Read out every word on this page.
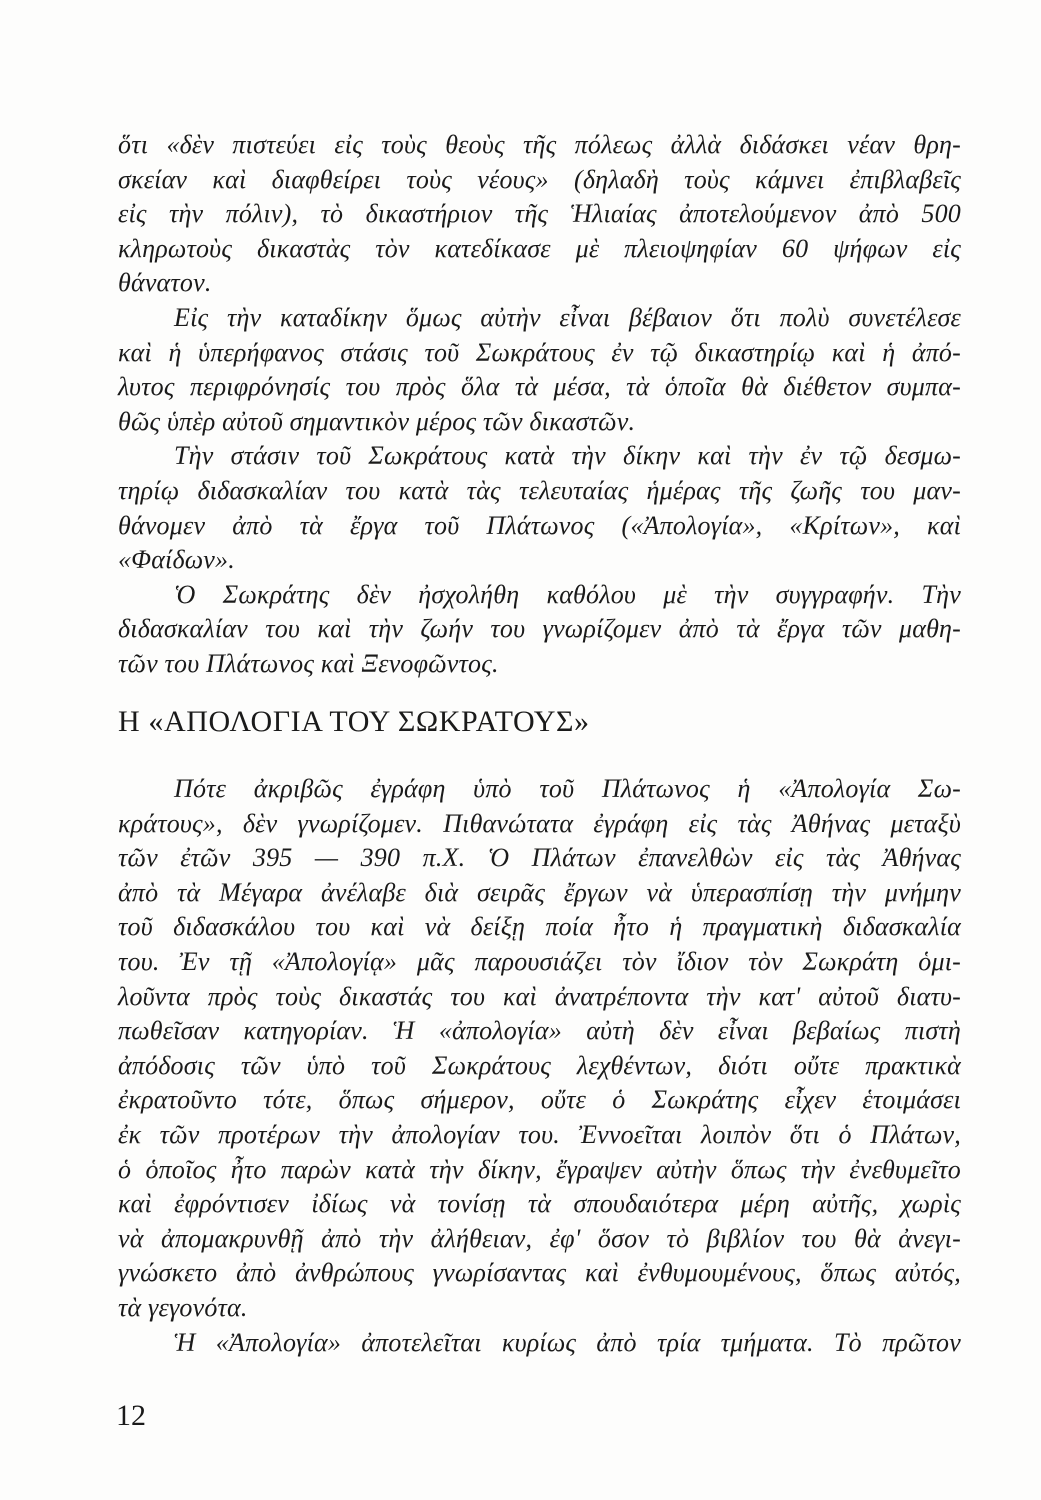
ὅτι «δὲν πιστεύει εἰς τοὺς θεοὺς τῆς πόλεως ἀλλὰ διδάσκει νέαν θρη-
σκείαν καὶ διαφθείρει τοὺς νέους» (δηλαδὴ τοὺς κάμνει ἐπιβλαβεῖς
εἰς τὴν πόλιν), τὸ δικαστήριον τῆς Ἡλιαίας ἀποτελούμενον ἀπὸ 500
κληρωτοὺς δικαστὰς τὸν κατεδίκασε μὲ πλειοψηφίαν 60 ψήφων εἰς
θάνατον.
Εἰς τὴν καταδίκην ὅμως αὐτὴν εἶναι βέβαιον ὅτι πολὺ συνετέλεσε
καὶ ἡ ὑπερήφανος στάσις τοῦ Σωκράτους ἐν τῷ δικαστηρίῳ καὶ ἡ ἀπό-
λυτος περιφρόνησίς του πρὸς ὅλα τὰ μέσα, τὰ ὁποῖα θὰ διέθετον συμπα-
θῶς ὑπὲρ αὐτοῦ σημαντικὸν μέρος τῶν δικαστῶν.
Τὴν στάσιν τοῦ Σωκράτους κατὰ τὴν δίκην καὶ τὴν ἐν τῷ δεσμω-
τηρίῳ διδασκαλίαν του κατὰ τὰς τελευταίας ἡμέρας τῆς ζωῆς του μαν-
θάνομεν ἀπὸ τὰ ἔργα τοῦ Πλάτωνος («Ἀπολογία», «Κρίτων», καὶ
«Φαίδων».
Ὁ Σωκράτης δὲν ἠσχολήθη καθόλου μὲ τὴν συγγραφήν. Τὴν
διδασκαλίαν του καὶ τὴν ζωήν του γνωρίζομεν ἀπὸ τὰ ἔργα τῶν μαθη-
τῶν του Πλάτωνος καὶ Ξενοφῶντος.
Η «ΑΠΟΛΟΓΙΑ ΤΟΥ ΣΩΚΡΑΤΟΥΣ»
Πότε ἀκριβῶς ἐγράφη ὑπὸ τοῦ Πλάτωνος ἡ «Ἀπολογία Σω-
κράτους», δὲν γνωρίζομεν. Πιθανώτατα ἐγράφη εἰς τὰς Ἀθήνας μεταξὺ
τῶν ἐτῶν 395 — 390 π.Χ. Ὁ Πλάτων ἐπανελθὼν εἰς τὰς Ἀθήνας
ἀπὸ τὰ Μέγαρα ἀνέλαβε διὰ σειρᾶς ἔργων νὰ ὑπερασπίσῃ τὴν μνήμην
τοῦ διδασκάλου του καὶ νὰ δείξῃ ποία ἦτο ἡ πραγματικὴ διδασκαλία
του. Ἐν τῇ «Ἀπολογίᾳ» μᾶς παρουσιάζει τὸν ἴδιον τὸν Σωκράτη ὁμι-
λοῦντα πρὸς τοὺς δικαστάς του καὶ ἀνατρέποντα τὴν κατ' αὐτοῦ διατυ-
πωθεῖσαν κατηγορίαν. Ἡ «ἀπολογία» αὐτὴ δὲν εἶναι βεβαίως πιστὴ
ἀπόδοσις τῶν ὑπὸ τοῦ Σωκράτους λεχθέντων, διότι οὔτε πρακτικὰ
ἐκρατοῦντο τότε, ὅπως σήμερον, οὔτε ὁ Σωκράτης εἶχεν ἑτοιμάσει
ἐκ τῶν προτέρων τὴν ἀπολογίαν του. Ἐννοεῖται λοιπὸν ὅτι ὁ Πλάτων,
ὁ ὁποῖος ἦτο παρὼν κατὰ τὴν δίκην, ἔγραψεν αὐτὴν ὅπως τὴν ἐνεθυμεῖτο
καὶ ἐφρόντισεν ἰδίως νὰ τονίσῃ τὰ σπουδαιότερα μέρη αὐτῆς, χωρὶς
νὰ ἀπομακρυνθῇ ἀπὸ τὴν ἀλήθειαν, ἐφ' ὅσον τὸ βιβλίον του θὰ ἀνεγι-
γνώσκετο ἀπὸ ἀνθρώπους γνωρίσαντας καὶ ἐνθυμουμένους, ὅπως αὐτός,
τὰ γεγονότα.
Ἡ «Ἀπολογία» ἀποτελεῖται κυρίως ἀπὸ τρία τμήματα. Τὸ πρῶτον
12
